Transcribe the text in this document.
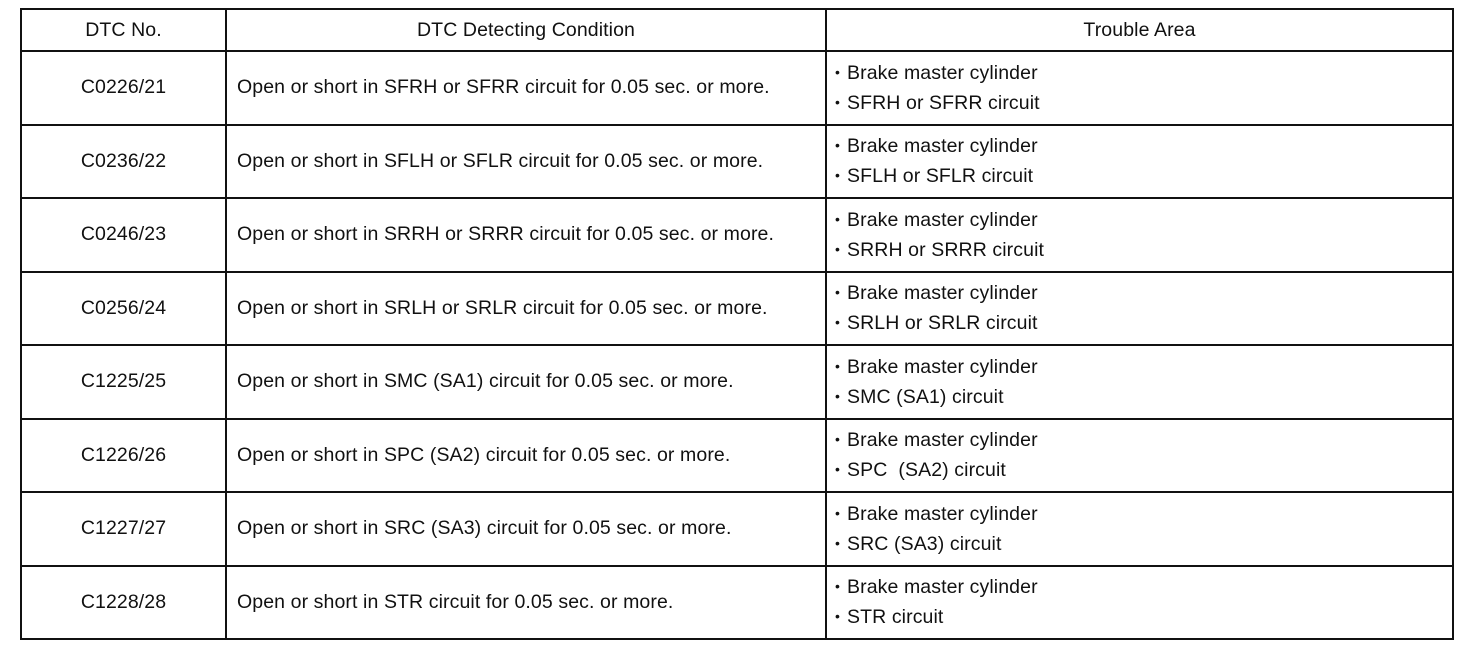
DTC No.	DTC Detecting Condition	Trouble Area
C0226/21	Open or short in SFRH or SFRR circuit for 0.05 sec. or more.	• Brake master cylinder
• SFRH or SFRR circuit

C0236/22	Open or short in SFLH or SFLR circuit for 0.05 sec. or more.	• Brake master cylinder
• SFLH or SFLR circuit

C0246/23	Open or short in SRRH or SRRR circuit for 0.05 sec. or more.	• Brake master cylinder
• SRRH or SRRR circuit

C0256/24	Open or short in SRLH or SRLR circuit for 0.05 sec. or more.	• Brake master cylinder
• SRLH or SRLR circuit

C1225/25	Open or short in SMC (SA1) circuit for 0.05 sec. or more.	• Brake master cylinder
• SMC (SA1) circuit

C1226/26	Open or short in SPC (SA2) circuit for 0.05 sec. or more.	• Brake master cylinder
• SPC  (SA2) circuit

C1227/27	Open or short in SRC (SA3) circuit for 0.05 sec. or more.	• Brake master cylinder
• SRC (SA3) circuit

C1228/28	Open or short in STR circuit for 0.05 sec. or more.	• Brake master cylinder
• STR circuit
